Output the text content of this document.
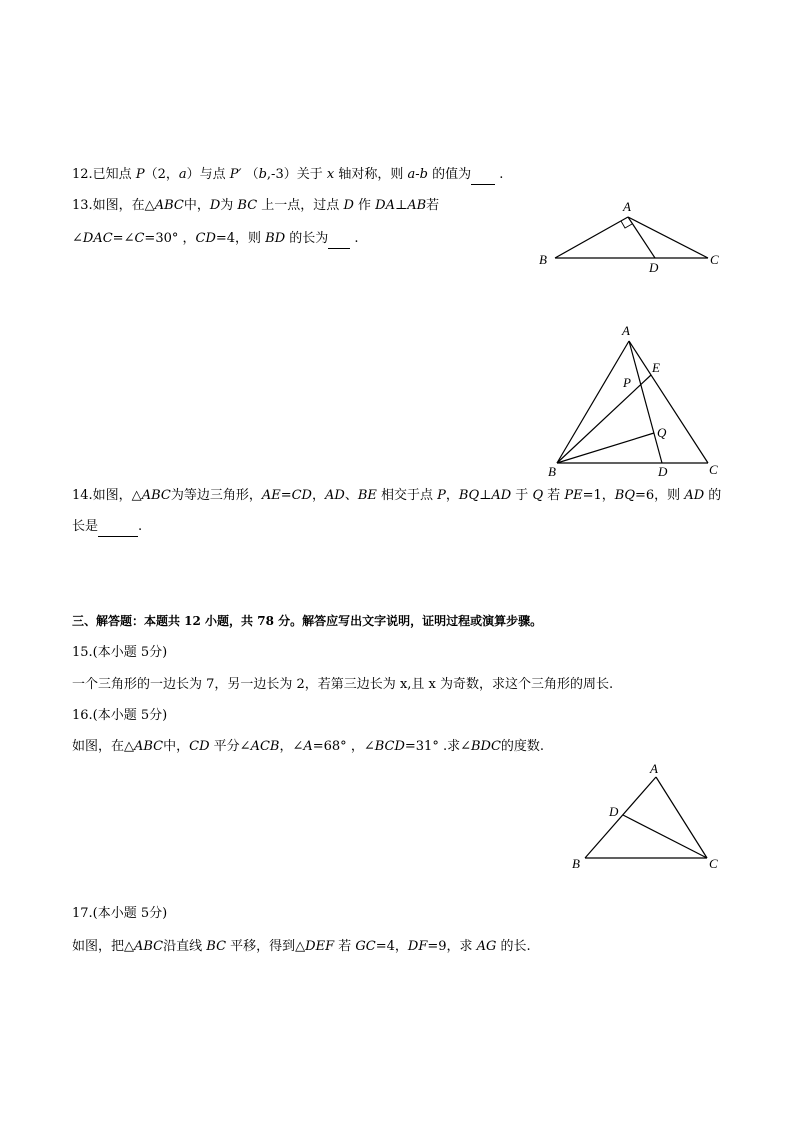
12.已知点 P（2，a）与点 P′ （b,-3）关于 x 轴对称，则 a-b 的值为 .
13.如图，在△ABC中，D为 BC 上一点，过点 D 作 DA⊥AB若
∠DAC=∠C=30° ，CD=4，则 BD 的长为 .
A
B	C
D
A
E
P
Q
B	D	C
14.如图，△ABC为等边三角形，AE=CD，AD、BE 相交于点 P，BQ⊥AD 于 Q 若 PE=1，BQ=6，则 AD 的
长是	.
三、解答题：本题共 12 小题，共 78 分。解答应写出文字说明，证明过程或演算步骤。
15.(本小题 5分)
一个三角形的一边长为 7，另一边长为 2，若第三边长为 x,且 x 为奇数，求这个三角形的周长.
16.(本小题 5分)
如图，在△ABC中，CD 平分∠ACB，∠A=68° ，∠BCD=31° .求∠BDC的度数.
A
D
B	C
17.(本小题 5分)
如图，把△ABC沿直线 BC 平移，得到△DEF 若 GC=4，DF=9，求 AG 的长.
